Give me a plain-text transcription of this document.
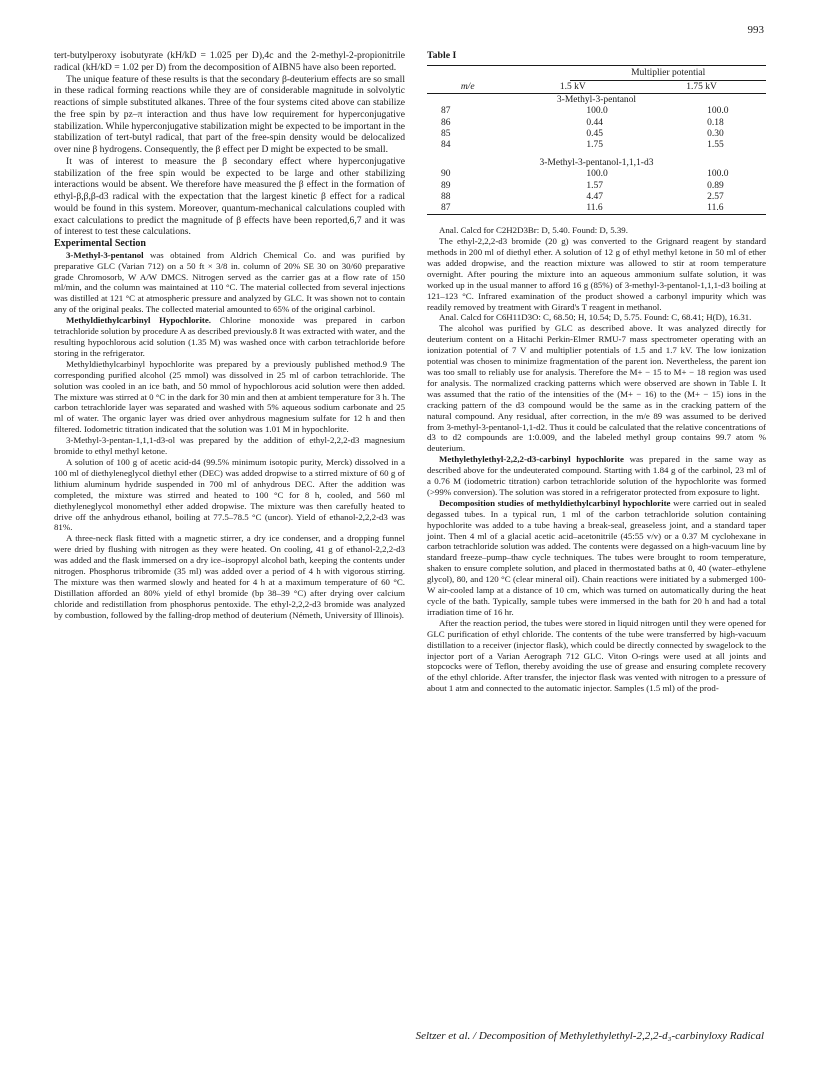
993

tert-butylperoxy isobutyrate (kH/kD = 1.025 per D),4c and the 2-methyl-2-propionitrile radical (kH/kD = 1.02 per D) from the decomposition of AIBN5 have also been reported.

The unique feature of these results is that the secondary β-deuterium effects are so small in these radical forming reactions while they are of considerable magnitude in solvolytic reactions of simple substituted alkanes. Three of the four systems cited above can stabilize the free spin by pz–π interaction and thus have low requirement for hyperconjugative stabilization. While hyperconjugative stabilization might be expected to be important in the stabilization of tert-butyl radical, that part of the free-spin density would be delocalized over nine β hydrogens. Consequently, the β effect per D might be expected to be small.

It was of interest to measure the β secondary effect where hyperconjugative stabilization of the free spin would be expected to be large and other stabilizing interactions would be absent. We therefore have measured the β effect in the formation of ethyl-β,β,β-d3 radical with the expectation that the largest kinetic β effect for a radical would be found in this system. Moreover, quantum-mechanical calculations coupled with exact calculations to predict the magnitude of β effects have been reported,6,7 and it was of interest to test these calculations.

Experimental Section

3-Methyl-3-pentanol was obtained from Aldrich Chemical Co. and was purified by preparative GLC (Varian 712) on a 50 ft × 3/8 in. column of 20% SE 30 on 30/60 preparative grade Chromosorb, W A/W DMCS. Nitrogen served as the carrier gas at a flow rate of 150 ml/min, and the column was maintained at 110 °C. The material collected from several injections was distilled at 121 °C at atmospheric pressure and analyzed by GLC. It was shown not to contain any of the original peaks. The collected material amounted to 65% of the original carbinol.

Methyldiethylcarbinyl Hypochlorite. Chlorine monoxide was prepared in carbon tetrachloride solution by procedure A as described previously.8 It was extracted with water, and the resulting hypochlorous acid solution (1.35 M) was washed once with carbon tetrachloride before storing in the refrigerator.

Methyldiethylcarbinyl hypochlorite was prepared by a previously published method.9 The corresponding purified alcohol (25 mmol) was dissolved in 25 ml of carbon tetrachloride. The solution was cooled in an ice bath, and 50 mmol of hypochlorous acid solution were then added. The mixture was stirred at 0 °C in the dark for 30 min and then at ambient temperature for 3 h. The carbon tetrachloride layer was separated and washed with 5% aqueous sodium carbonate and 25 ml of water. The organic layer was dried over anhydrous magnesium sulfate for 12 h and then filtered. Iodometric titration indicated that the solution was 1.01 M in hypochlorite.

3-Methyl-3-pentan-1,1,1-d3-ol was prepared by the addition of ethyl-2,2,2-d3 magnesium bromide to ethyl methyl ketone.

A solution of 100 g of acetic acid-d4 (99.5% minimum isotopic purity, Merck) dissolved in a 100 ml of diethyleneglycol diethyl ether (DEC) was added dropwise to a stirred mixture of 60 g of lithium aluminum hydride suspended in 700 ml of anhydrous DEC. After the addition was completed, the mixture was stirred and heated to 100 °C for 8 h, cooled, and 560 ml diethyleneglycol monomethyl ether added dropwise. The mixture was then carefully heated to drive off the anhydrous ethanol, boiling at 77.5–78.5 °C (uncor). Yield of ethanol-2,2,2-d3 was 81%.

A three-neck flask fitted with a magnetic stirrer, a dry ice condenser, and a dropping funnel were dried by flushing with nitrogen as they were heated. On cooling, 41 g of ethanol-2,2,2-d3 was added and the flask immersed on a dry ice–isopropyl alcohol bath, keeping the contents under nitrogen. Phosphorus tribromide (35 ml) was added over a period of 4 h with vigorous stirring. The mixture was then warmed slowly and heated for 4 h at a maximum temperature of 60 °C. Distillation afforded an 80% yield of ethyl bromide (bp 38–39 °C) after drying over calcium chloride and redistillation from phosphorus pentoxide. The ethyl-2,2,2-d3 bromide was analyzed by combustion, followed by the falling-drop method of deuterium (Németh, University of Illinois).

Table I

	Multiplier potential	

m/e	1.5 kV	1.75 kV
3-Methyl-3-pentanol		
87	100.0	100.0
86	0.44	0.18
85	0.45	0.30
84	1.75	1.55

3-Methyl-3-pentanol-1,1,1-d3		
90	100.0	100.0
89	1.57	0.89
88	4.47	2.57
87	11.6	11.6

Anal. Calcd for C2H2D3Br: D, 5.40. Found: D, 5.39.

The ethyl-2,2,2-d3 bromide (20 g) was converted to the Grignard reagent by standard methods in 200 ml of diethyl ether. A solution of 12 g of ethyl methyl ketone in 50 ml of ether was added dropwise, and the reaction mixture was allowed to stir at room temperature overnight. After pouring the mixture into an aqueous ammonium sulfate solution, it was worked up in the usual manner to afford 16 g (85%) of 3-methyl-3-pentanol-1,1,1-d3 boiling at 121–123 °C. Infrared examination of the product showed a carbonyl impurity which was readily removed by treatment with Girard's T reagent in methanol.

Anal. Calcd for C6H11D3O: C, 68.50; H, 10.54; D, 5.75. Found: C, 68.41; H(D), 16.31.

The alcohol was purified by GLC as described above. It was analyzed directly for deuterium content on a Hitachi Perkin-Elmer RMU-7 mass spectrometer operating with an ionization potential of 7 V and multiplier potentials of 1.5 and 1.7 kV. The low ionization potential was chosen to minimize fragmentation of the parent ion. Nevertheless, the parent ion was too small to reliably use for analysis. Therefore the M+ − 15 to M+ − 18 region was used for analysis. The normalized cracking patterns which were observed are shown in Table I. It was assumed that the ratio of the intensities of the (M+ − 16) to the (M+ − 15) ions in the cracking pattern of the d3 compound would be the same as in the cracking pattern of the natural compound. Any residual, after correction, in the m/e 89 was assumed to be derived from 3-methyl-3-pentanol-1,1-d2. Thus it could be calculated that the relative concentrations of d3 to d2 compounds are 1:0.009, and the labeled methyl group contains 99.7 atom % deuterium.

Methylethylethyl-2,2,2-d3-carbinyl hypochlorite was prepared in the same way as described above for the undeuterated compound. Starting with 1.84 g of the carbinol, 23 ml of a 0.76 M (iodometric titration) carbon tetrachloride solution of the hypochlorite was formed (>99% conversion). The solution was stored in a refrigerator protected from exposure to light.

Decomposition studies of methyldiethylcarbinyl hypochlorite were carried out in sealed degassed tubes. In a typical run, 1 ml of the carbon tetrachloride solution containing hypochlorite was added to a tube having a break-seal, greaseless joint, and a standard taper joint. Then 4 ml of a glacial acetic acid–acetonitrile (45:55 v/v) or a 0.37 M cyclohexane in carbon tetrachloride solution was added. The contents were degassed on a high-vacuum line by standard freeze–pump–thaw cycle techniques. The tubes were brought to room temperature, shaken to ensure complete solution, and placed in thermostated baths at 0, 40 (water–ethylene glycol), 80, and 120 °C (clear mineral oil). Chain reactions were initiated by a submerged 100-W air-cooled lamp at a distance of 10 cm, which was turned on automatically during the heat cycle of the bath. Typically, sample tubes were immersed in the bath for 20 h and had a total irradiation time of 16 hr.

After the reaction period, the tubes were stored in liquid nitrogen until they were opened for GLC purification of ethyl chloride. The contents of the tube were transferred by high-vacuum distillation to a receiver (injector flask), which could be directly connected by swagelock to the injector port of a Varian Aerograph 712 GLC. Viton O-rings were used at all joints and stopcocks were of Teflon, thereby avoiding the use of grease and ensuring complete recovery of the ethyl chloride. After transfer, the injector flask was vented with nitrogen to a pressure of about 1 atm and connected to the automatic injector. Samples (1.5 ml) of the prod-

Seltzer et al. / Decomposition of Methylethylethyl-2,2,2-d₃-carbinyloxy Radical
